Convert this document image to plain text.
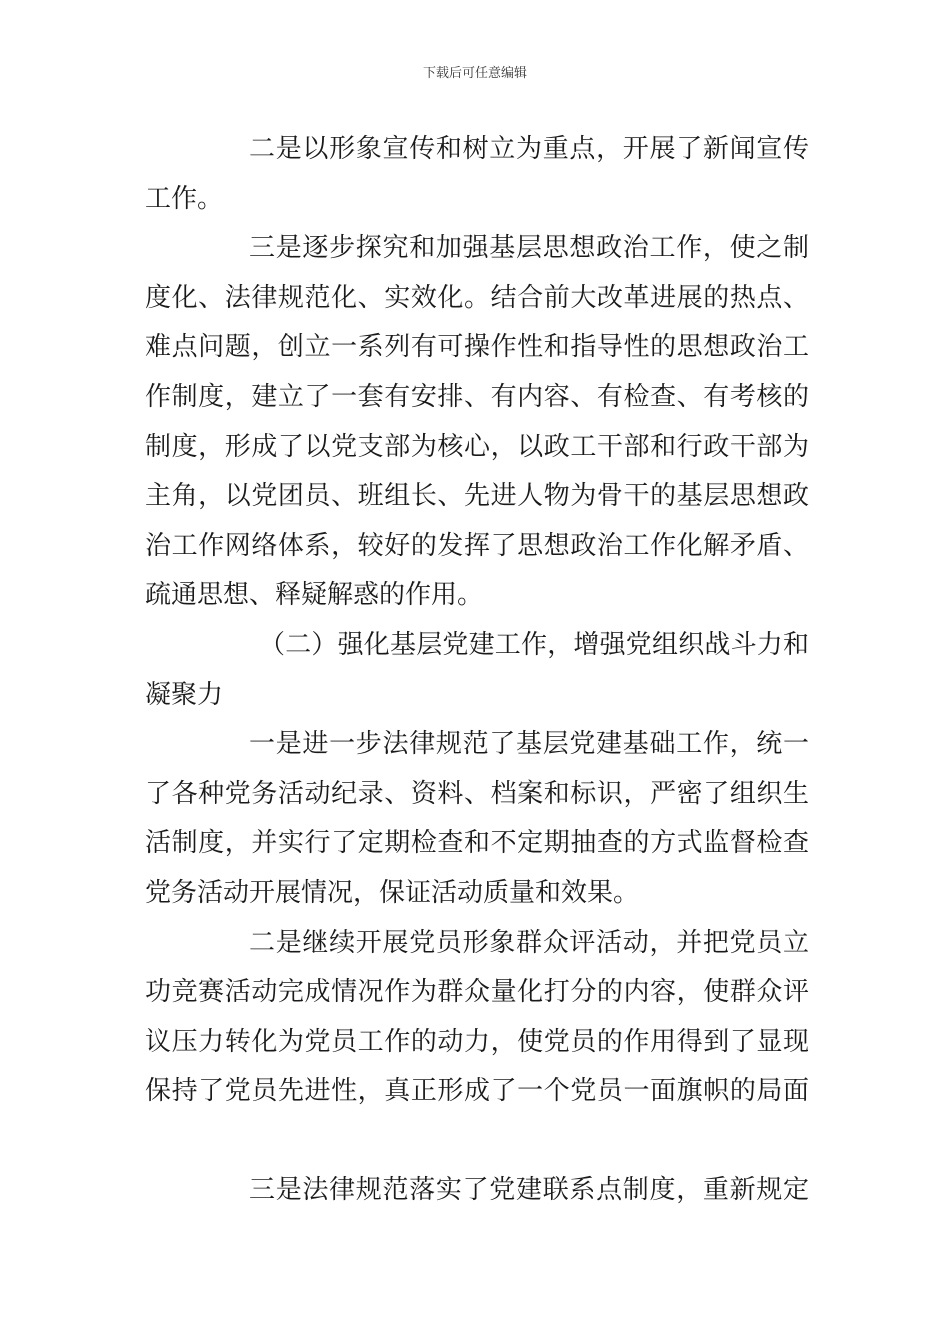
下载后可任意编辑
二是以形象宣传和树立为重点，开展了新闻宣传
工作。
三是逐步探究和加强基层思想政治工作，使之制
度化、法律规范化、实效化。结合前大改革进展的热点、
难点问题，创立一系列有可操作性和指导性的思想政治工
作制度，建立了一套有安排、有内容、有检查、有考核的
制度，形成了以党支部为核心，以政工干部和行政干部为
主角，以党团员、班组长、先进人物为骨干的基层思想政
治工作网络体系，较好的发挥了思想政治工作化解矛盾、
疏通思想、释疑解惑的作用。
（二）强化基层党建工作，增强党组织战斗力和
凝聚力
一是进一步法律规范了基层党建基础工作，统一
了各种党务活动纪录、资料、档案和标识，严密了组织生
活制度，并实行了定期检查和不定期抽查的方式监督检查
党务活动开展情况，保证活动质量和效果。
二是继续开展党员形象群众评活动，并把党员立
功竞赛活动完成情况作为群众量化打分的内容，使群众评
议压力转化为党员工作的动力，使党员的作用得到了显现
保持了党员先进性，真正形成了一个党员一面旗帜的局面
三是法律规范落实了党建联系点制度，重新规定
